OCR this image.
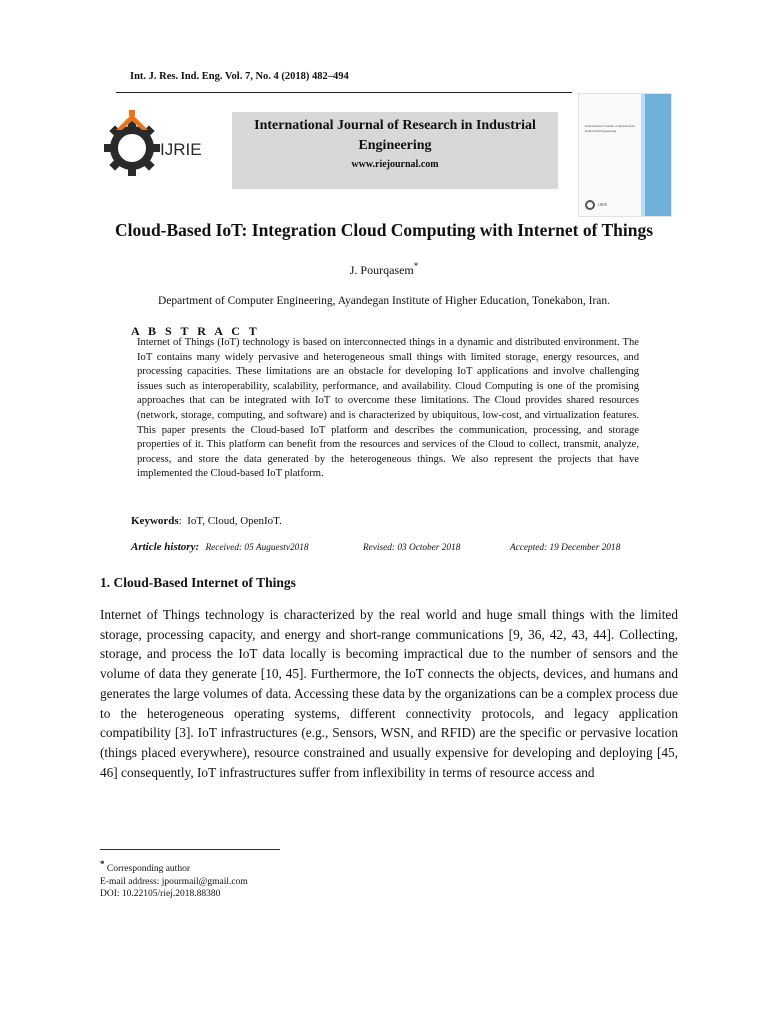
Int. J. Res. Ind. Eng. Vol. 7, No. 4 (2018) 482–494
IJRIE
International Journal of Research in Industrial Engineering
www.riejournal.com
International Journal of Research in Industrial Engineering
IJRIE
Cloud-Based IoT: Integration Cloud Computing with Internet of Things
J. Pourqasem*
Department of Computer Engineering, Ayandegan Institute of Higher Education, Tonekabon, Iran.
A B S T R A C T
Internet of Things (IoT) technology is based on interconnected things in a dynamic and distributed environment. The IoT contains many widely pervasive and heterogeneous small things with limited storage, energy resources, and processing capacities. These limitations are an obstacle for developing IoT applications and involve challenging issues such as interoperability, scalability, performance, and availability. Cloud Computing is one of the promising approaches that can be integrated with IoT to overcome these limitations. The Cloud provides shared resources (network, storage, computing, and software) and is characterized by ubiquitous, low-cost, and virtualization features. This paper presents the Cloud-based IoT platform and describes the communication, processing, and storage properties of it. This platform can benefit from the resources and services of the Cloud to collect, transmit, analyze, process, and store the data generated by the heterogeneous things. We also represent the projects that have implemented the Cloud-based IoT platform.
Keywords:  IoT, Cloud, OpenIoT.
Article history: Received: 05 Auguestv2018	Revised: 03 October 2018	Accepted: 19 December 2018
1. Cloud-Based Internet of Things
Internet of Things technology is characterized by the real world and huge small things with the limited storage, processing capacity, and energy and short-range communications [9, 36, 42, 43, 44]. Collecting, storage, and process the IoT data locally is becoming impractical due to the number of sensors and the volume of data they generate [10, 45]. Furthermore, the IoT connects the objects, devices, and humans and generates the large volumes of data. Accessing these data by the organizations can be a complex process due to the heterogeneous operating systems, different connectivity protocols, and legacy application compatibility [3]. IoT infrastructures (e.g., Sensors, WSN, and RFID) are the specific or pervasive location (things placed everywhere), resource constrained and usually expensive for developing and deploying [45, 46] consequently, IoT infrastructures suffer from inflexibility in terms of resource access and
* Corresponding author
E-mail address: jpourmail@gmail.com
DOI: 10.22105/riej.2018.88380
